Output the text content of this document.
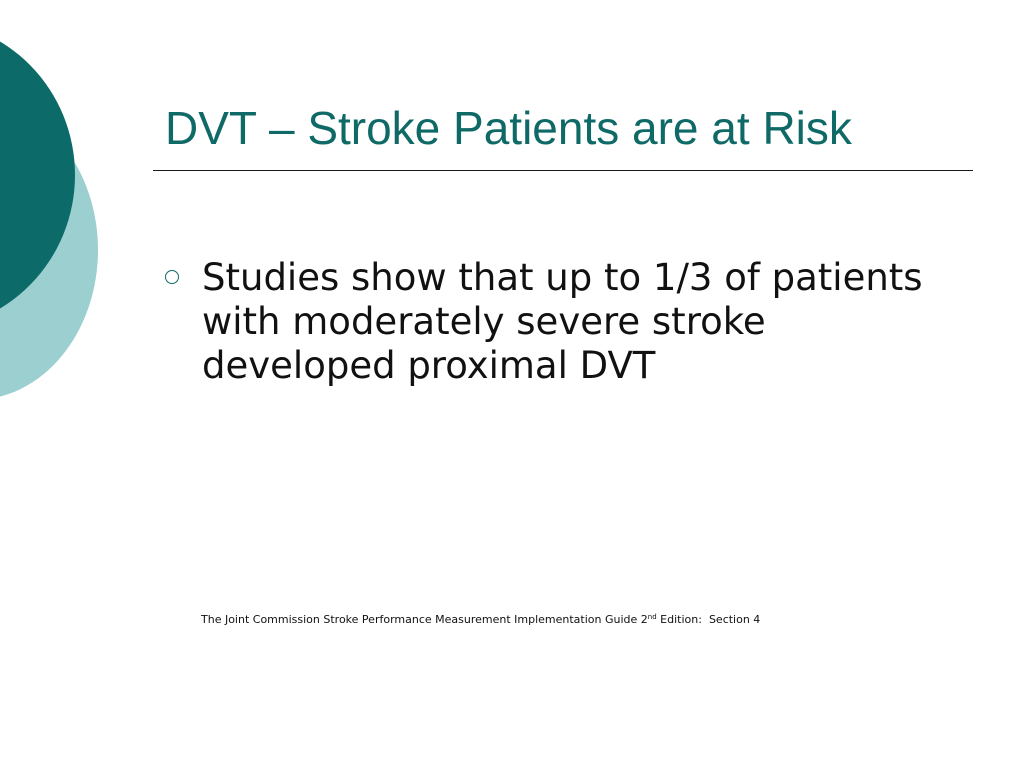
DVT – Stroke Patients are at Risk
Studies show that up to 1/3 of patients with moderately severe stroke developed proximal DVT
The Joint Commission Stroke Performance Measurement Implementation Guide 2nd Edition:  Section 4
